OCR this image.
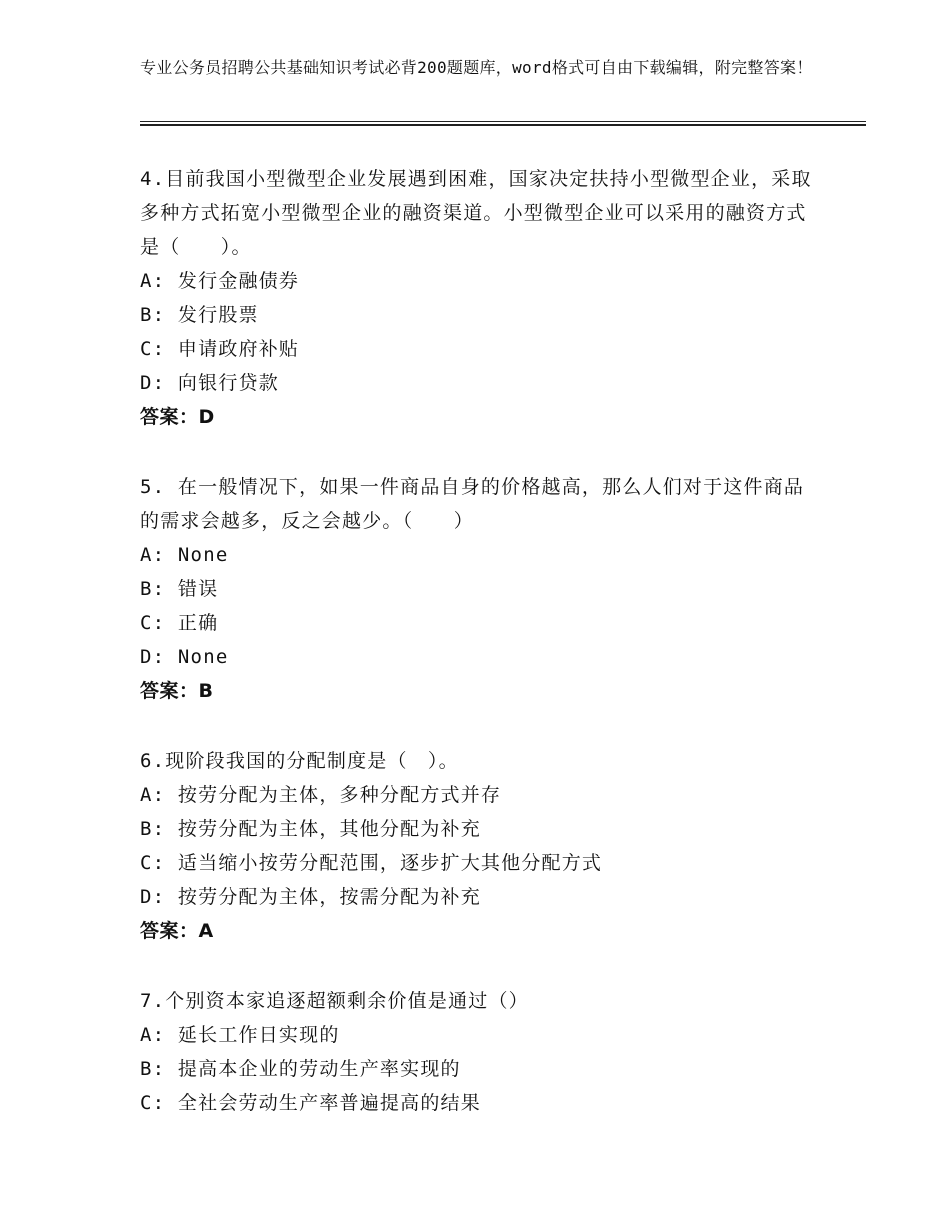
专业公务员招聘公共基础知识考试必背200题题库，word格式可自由下载编辑，附完整答案！

4.目前我国小型微型企业发展遇到困难，国家决定扶持小型微型企业，采取多种方式拓宽小型微型企业的融资渠道。小型微型企业可以采用的融资方式是（　　）。

A: 发行金融债券

B: 发行股票

C: 申请政府补贴

D: 向银行贷款

答案：D

5. 在一般情况下，如果一件商品自身的价格越高，那么人们对于这件商品的需求会越多，反之会越少。（　　）

A: None

B: 错误

C: 正确

D: None

答案：B

6.现阶段我国的分配制度是（　）。

A: 按劳分配为主体，多种分配方式并存

B: 按劳分配为主体，其他分配为补充

C: 适当缩小按劳分配范围，逐步扩大其他分配方式

D: 按劳分配为主体，按需分配为补充

答案：A

7.个别资本家追逐超额剩余价值是通过（）

A: 延长工作日实现的

B: 提高本企业的劳动生产率实现的

C: 全社会劳动生产率普遍提高的结果
